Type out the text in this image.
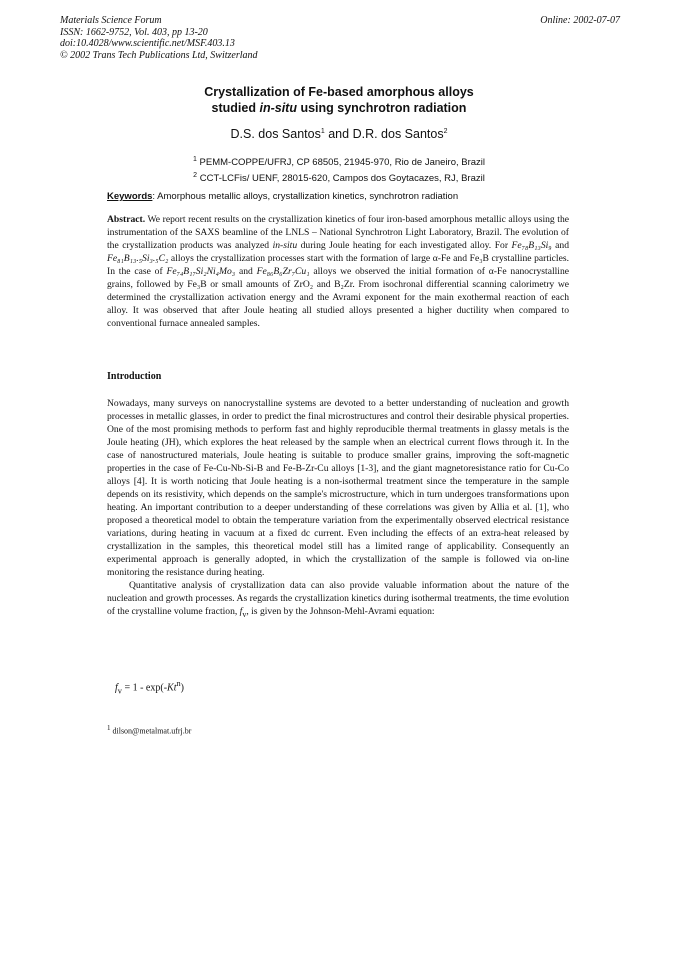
Materials Science Forum
ISSN: 1662-9752, Vol. 403, pp 13-20
doi:10.4028/www.scientific.net/MSF.403.13
© 2002 Trans Tech Publications Ltd, Switzerland
Online: 2002-07-07
Crystallization of Fe-based amorphous alloys
studied in-situ using synchrotron radiation
D.S. dos Santos$^1$ and D.R. dos Santos$^2$
$^1$ PEMM-COPPE/UFRJ, CP 68505, 21945-970, Rio de Janeiro, Brazil
$^2$ CCT-LCFis/ UENF, 28015-620, Campos dos Goytacazes, RJ, Brazil
Keywords: Amorphous metallic alloys, crystallization kinetics, synchrotron radiation
Abstract. We report recent results on the crystallization kinetics of four iron-based amorphous metallic alloys using the instrumentation of the SAXS beamline of the LNLS – National Synchrotron Light Laboratory, Brazil. The evolution of the crystallization products was analyzed in-situ during Joule heating for each investigated alloy. For Fe₇₈B₁₃Si₉ and Fe₈₁B₁₃.₅Si₃.₅C₂ alloys the crystallization processes start with the formation of large α-Fe and Fe₃B crystalline particles. In the case of Fe₇₄B₁₇Si₂Ni₄Mo₃ and Fe₈₆B₆Zr₇Cu₁ alloys we observed the initial formation of α-Fe nanocrystalline grains, followed by Fe₃B or small amounts of ZrO₂ and B₂Zr. From isochronal differential scanning calorimetry we determined the crystallization activation energy and the Avrami exponent for the main exothermal reaction of each alloy. It was observed that after Joule heating all studied alloys presented a higher ductility when compared to conventional furnace annealed samples.
Introduction

Nowadays, many surveys on nanocrystalline systems are devoted to a better understanding of nucleation and growth processes in metallic glasses, in order to predict the final microstructures and control their desirable physical properties. One of the most promising methods to perform fast and highly reproducible thermal treatments in glassy metals is the Joule heating (JH), which explores the heat released by the sample when an electrical current flows through it. In the case of nanostructured materials, Joule heating is suitable to produce smaller grains, improving the soft-magnetic properties in the case of Fe-Cu-Nb-Si-B and Fe-B-Zr-Cu alloys [1-3], and the giant magnetoresistance ratio for Cu-Co alloys [4]. It is worth noticing that Joule heating is a non-isothermal treatment since the temperature in the sample depends on its resistivity, which depends on the sample's microstructure, which in turn undergoes transformations upon heating. An important contribution to a deeper understanding of these correlations was given by Allia et al. [1], who proposed a theoretical model to obtain the temperature variation from the experimentally observed electrical resistance variations, during heating in vacuum at a fixed dc current. Even including the effects of an extra-heat released by crystallization in the samples, this theoretical model still has a limited range of applicability. Consequently an experimental approach is generally adopted, in which the crystallization of the sample is followed via on-line monitoring the resistance during heating.

Quantitative analysis of crystallization data can also provide valuable information about the nature of the nucleation and growth processes. As regards the crystallization kinetics during isothermal treatments, the time evolution of the crystalline volume fraction, $f_v$, is given by the Johnson-Mehl-Avrami equation:

$f_v = 1 - \exp(-Kt^n)$
$^1$ dilson@metalmat.ufrj.br
